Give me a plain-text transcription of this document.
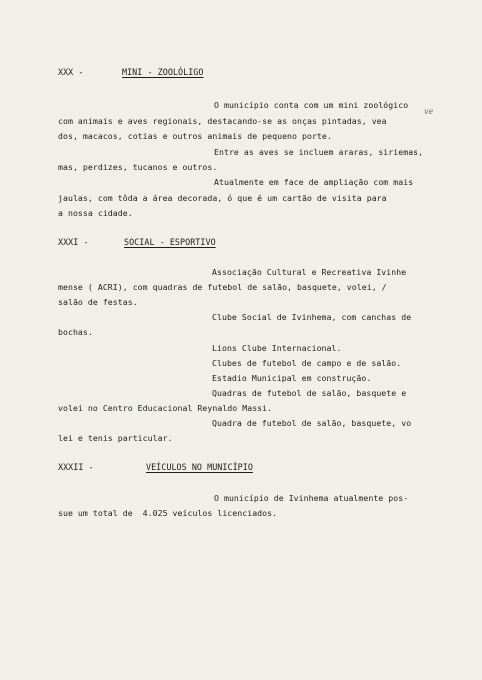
XXX -	MINI - ZOOLÓLIGO
O município conta com um mini zoológico
com animais e aves regionais, destacando-se as onças pintadas, vea
ve
dos, macacos, cotias e outros animais de pequeno porte.
Entre as aves se incluem araras, siriemas,
mas, perdizes, tucanos e outros.
Atualmente em face de ampliação com mais
jaulas, com tôda a área decorada, ó que é um cartão de visita para
a nossa cidade.
XXXI -	SOCIAL - ESPORTIVO
Associação Cultural e Recreativa Ivinhe
mense ( ACRI), com quadras de futebol de salão, basquete, volei, /
salão de festas.
Clube Social de Ivinhema, com canchas de
bochas.
Lions Clube Internacional.
Clubes de futebol de campo e de salão.
Estadio Municipal em construção.
Quadras de futebol de salão, basquete e
volei no Centro Educacional Reynaldo Massi.
Quadra de futebol de salão, basquete, vo
lei e tenis particular.
XXXII -	VEÍCULOS NO MUNICÍPIO
O município de Ivinhema atualmente pos-
sue um total de  4.025 veículos licenciados.
